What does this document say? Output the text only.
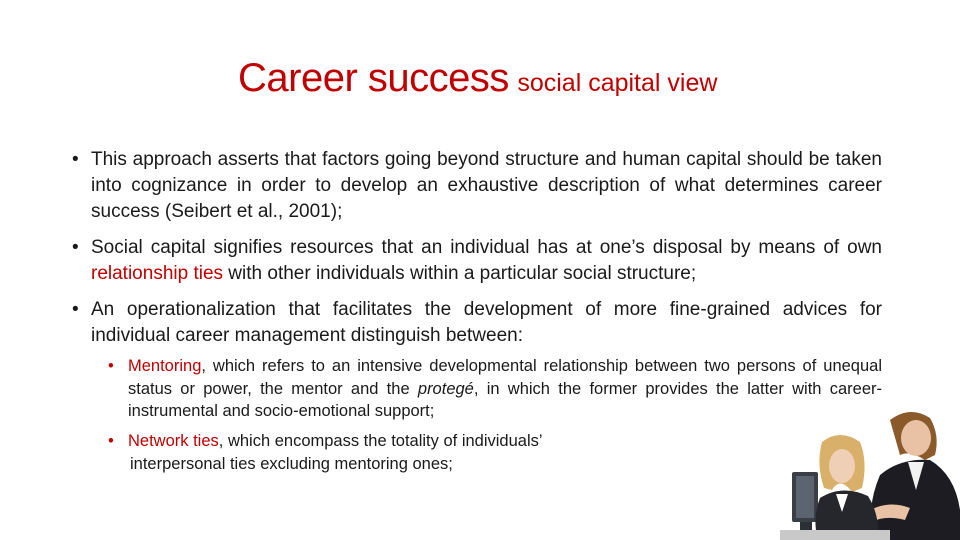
Career success social capital view
• This approach asserts that factors going beyond structure and human capital should be taken into cognizance in order to develop an exhaustive description of what determines career success (Seibert et al., 2001);
• Social capital signifies resources that an individual has at one’s disposal by means of own relationship ties with other individuals within a particular social structure;
• An operationalization that facilitates the development of more fine-grained advices for individual career management distinguish between:
• Mentoring, which refers to an intensive developmental relationship between two persons of unequal status or power, the mentor and the protegé, in which the former provides the latter with career-instrumental and socio-emotional support;
• Network ties, which encompass the totality of individuals’
interpersonal ties excluding mentoring ones;
